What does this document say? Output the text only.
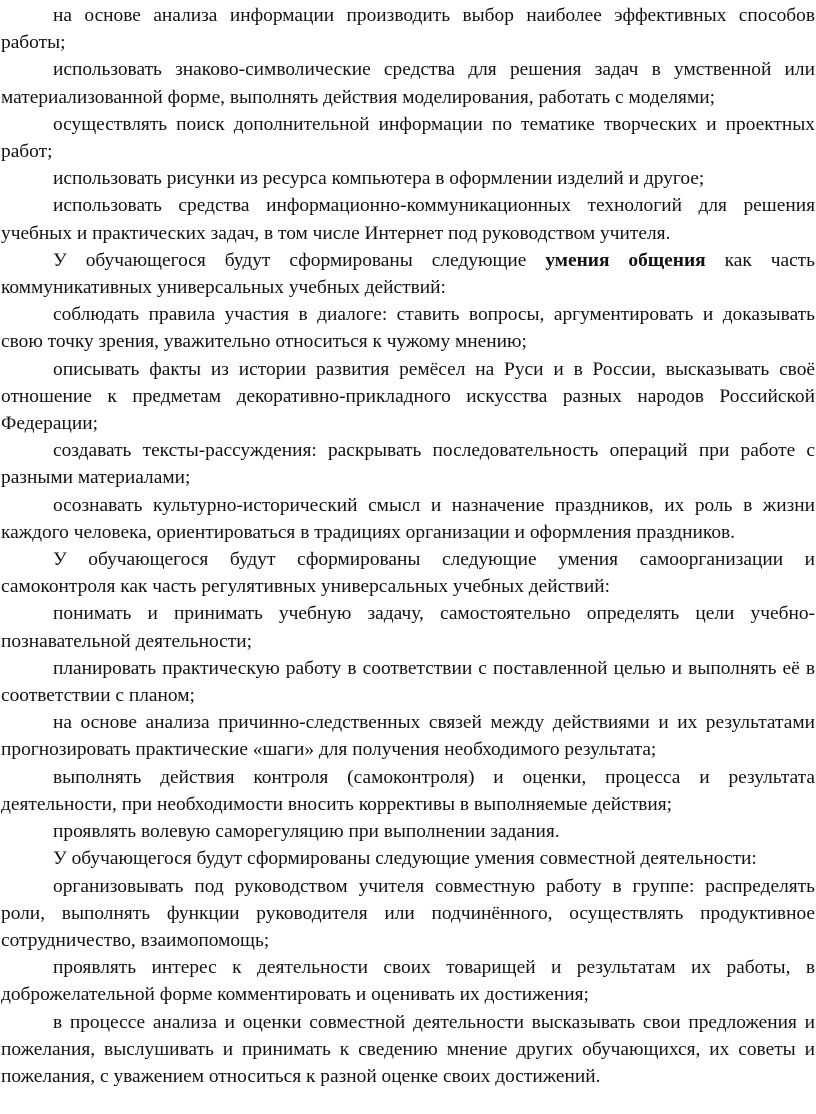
на основе анализа информации производить выбор наиболее эффективных способов работы;

использовать знаково-символические средства для решения задач в умственной или материализованной форме, выполнять действия моделирования, работать с моделями;

осуществлять поиск дополнительной информации по тематике творческих и проектных работ;

использовать рисунки из ресурса компьютера в оформлении изделий и другое;

использовать средства информационно-коммуникационных технологий для решения учебных и практических задач, в том числе Интернет под руководством учителя.

У обучающегося будут сформированы следующие умения общения как часть коммуникативных универсальных учебных действий:

соблюдать правила участия в диалоге: ставить вопросы, аргументировать и доказывать свою точку зрения, уважительно относиться к чужому мнению;

описывать факты из истории развития ремёсел на Руси и в России, высказывать своё отношение к предметам декоративно-прикладного искусства разных народов Российской Федерации;

создавать тексты-рассуждения: раскрывать последовательность операций при работе с разными материалами;

осознавать культурно-исторический смысл и назначение праздников, их роль в жизни каждого человека, ориентироваться в традициях организации и оформления праздников.

У обучающегося будут сформированы следующие умения самоорганизации и самоконтроля как часть регулятивных универсальных учебных действий:

понимать и принимать учебную задачу, самостоятельно определять цели учебно-познавательной деятельности;

планировать практическую работу в соответствии с поставленной целью и выполнять её в соответствии с планом;

на основе анализа причинно-следственных связей между действиями и их результатами прогнозировать практические «шаги» для получения необходимого результата;

выполнять действия контроля (самоконтроля) и оценки, процесса и результата деятельности, при необходимости вносить коррективы в выполняемые действия;

проявлять волевую саморегуляцию при выполнении задания.

У обучающегося будут сформированы следующие умения совместной деятельности:

организовывать под руководством учителя совместную работу в группе: распределять роли, выполнять функции руководителя или подчинённого, осуществлять продуктивное сотрудничество, взаимопомощь;

проявлять интерес к деятельности своих товарищей и результатам их работы, в доброжелательной форме комментировать и оценивать их достижения;

в процессе анализа и оценки совместной деятельности высказывать свои предложения и пожелания, выслушивать и принимать к сведению мнение других обучающихся, их советы и пожелания, с уважением относиться к разной оценке своих достижений.
